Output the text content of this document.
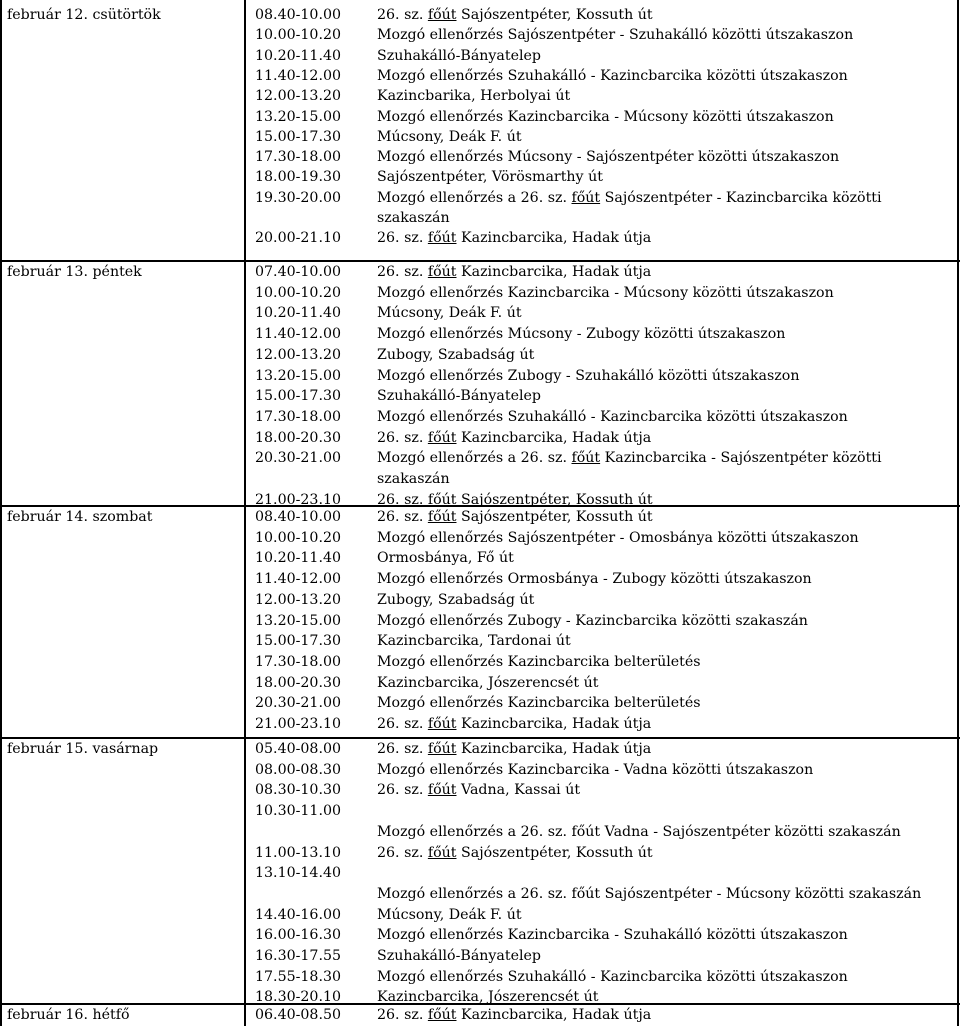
február 12. csütörtök	08.40-10.00	26. sz. főút Sajószentpéter, Kossuth út
10.00-10.20	Mozgó ellenőrzés Sajószentpéter - Szuhakálló közötti útszakaszon
10.20-11.40	Szuhakálló-Bányatelep
11.40-12.00	Mozgó ellenőrzés Szuhakálló - Kazincbarcika közötti útszakaszon
12.00-13.20	Kazincbarika, Herbolyai út
13.20-15.00	Mozgó ellenőrzés Kazincbarcika - Múcsony közötti útszakaszon
15.00-17.30	Múcsony, Deák F. út
17.30-18.00	Mozgó ellenőrzés Múcsony - Sajószentpéter közötti útszakaszon
18.00-19.30	Sajószentpéter, Vörösmarthy út
19.30-20.00	Mozgó ellenőrzés a 26. sz. főút Sajószentpéter - Kazincbarcika közötti
szakaszán
20.00-21.10	26. sz. főút Kazincbarcika, Hadak útja
február 13. péntek	07.40-10.00	26. sz. főút Kazincbarcika, Hadak útja
10.00-10.20	Mozgó ellenőrzés Kazincbarcika - Múcsony közötti útszakaszon
10.20-11.40	Múcsony, Deák F. út
11.40-12.00	Mozgó ellenőrzés Múcsony - Zubogy közötti útszakaszon
12.00-13.20	Zubogy, Szabadság út
13.20-15.00	Mozgó ellenőrzés Zubogy - Szuhakálló közötti útszakaszon
15.00-17.30	Szuhakálló-Bányatelep
17.30-18.00	Mozgó ellenőrzés Szuhakálló - Kazincbarcika közötti útszakaszon
18.00-20.30	26. sz. főút Kazincbarcika, Hadak útja
20.30-21.00	Mozgó ellenőrzés a 26. sz. főút Kazincbarcika - Sajószentpéter közötti
szakaszán
21.00-23.10	26. sz. főút Sajószentpéter, Kossuth út
február 14. szombat	08.40-10.00	26. sz. főút Sajószentpéter, Kossuth út
10.00-10.20	Mozgó ellenőrzés Sajószentpéter - Omosbánya közötti útszakaszon
10.20-11.40	Ormosbánya, Fő út
11.40-12.00	Mozgó ellenőrzés Ormosbánya - Zubogy közötti útszakaszon
12.00-13.20	Zubogy, Szabadság út
13.20-15.00	Mozgó ellenőrzés Zubogy - Kazincbarcika közötti szakaszán
15.00-17.30	Kazincbarcika, Tardonai út
17.30-18.00	Mozgó ellenőrzés Kazincbarcika belterületés
18.00-20.30	Kazincbarcika, Jószerencsét út
20.30-21.00	Mozgó ellenőrzés Kazincbarcika belterületés
21.00-23.10	26. sz. főút Kazincbarcika, Hadak útja
február 15. vasárnap	05.40-08.00	26. sz. főút Kazincbarcika, Hadak útja
08.00-08.30	Mozgó ellenőrzés Kazincbarcika - Vadna közötti útszakaszon
08.30-10.30	26. sz. főút Vadna, Kassai út
10.30-11.00
Mozgó ellenőrzés a 26. sz. főút Vadna - Sajószentpéter közötti szakaszán
11.00-13.10	26. sz. főút Sajószentpéter, Kossuth út
13.10-14.40
Mozgó ellenőrzés a 26. sz. főút Sajószentpéter - Múcsony közötti szakaszán
14.40-16.00	Múcsony, Deák F. út
16.00-16.30	Mozgó ellenőrzés Kazincbarcika - Szuhakálló közötti útszakaszon
16.30-17.55	Szuhakálló-Bányatelep
17.55-18.30	Mozgó ellenőrzés Szuhakálló - Kazincbarcika közötti útszakaszon
18.30-20.10	Kazincbarcika, Jószerencsét út
február 16. hétfő	06.40-08.50	26. sz. főút Kazincbarcika, Hadak útja
